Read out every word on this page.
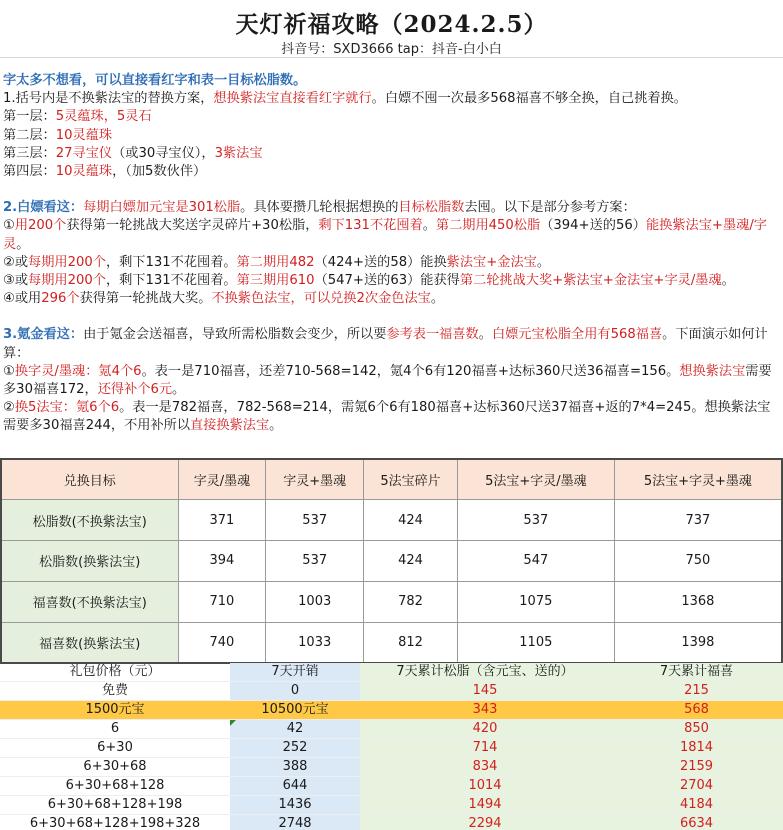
天灯祈福攻略（2024.2.5）
抖音号：SXD3666 tap：抖音-白小白
字太多不想看，可以直接看红字和表一目标松脂数。
1.括号内是不换紫法宝的替换方案，想换紫法宝直接看红字就行。白嫖不囤一次最多568福喜不够全换，自己挑着换。
第一层：5灵蕴珠，5灵石
第二层：10灵蕴珠
第三层：27寻宝仪（或30寻宝仪），3紫法宝
第四层：10灵蕴珠，（加5数伙伴）
2.白嫖看这：每期白嫖加元宝是301松脂。具体要攒几轮根据想换的目标松脂数去囤。以下是部分参考方案：
①用200个获得第一轮挑战大奖送字灵碎片+30松脂，剩下131不花囤着。第二期用450松脂（394+送的56）能换紫法宝+墨魂/字灵。
②或每期用200个，剩下131不花囤着。第二期用482（424+送的58）能换紫法宝+金法宝。
③或每期用200个，剩下131不花囤着。第三期用610（547+送的63）能获得第二轮挑战大奖+紫法宝+金法宝+字灵/墨魂。
④或用296个获得第一轮挑战大奖。不换紫色法宝，可以兑换2次金色法宝。
3.氪金看这：由于氪金会送福喜，导致所需松脂数会变少，所以要参考表一福喜数。白嫖元宝松脂全用有568福喜。下面演示如何计算：
①换字灵/墨魂：氪4个6。表一是710福喜，还差710-568=142，氪4个6有120福喜+达标360尺送36福喜=156。想换紫法宝需要多30福喜172，还得补个6元。
②换5法宝：氪6个6。表一是782福喜，782-568=214，需氪6个6有180福喜+达标360尺送37福喜+返的7*4=245。想换紫法宝需要多30福喜244，不用补所以直接换紫法宝。
兑换目标	字灵/墨魂	字灵+墨魂	5法宝碎片	5法宝+字灵/墨魂	5法宝+字灵+墨魂
松脂数(不换紫法宝)	371	537	424	537	737
松脂数(换紫法宝)	394	537	424	547	750
福喜数(不换紫法宝)	710	1003	782	1075	1368
福喜数(换紫法宝)	740	1033	812	1105	1398
礼包价格（元）	7天开销	7天累计松脂（含元宝、送的）	7天累计福喜
免费	0	145	215
1500元宝	10500元宝	343	568
6	42	420	850
6+30	252	714	1814
6+30+68	388	834	2159
6+30+68+128	644	1014	2704
6+30+68+128+198	1436	1494	4184
6+30+68+128+198+328	2748	2294	6634
